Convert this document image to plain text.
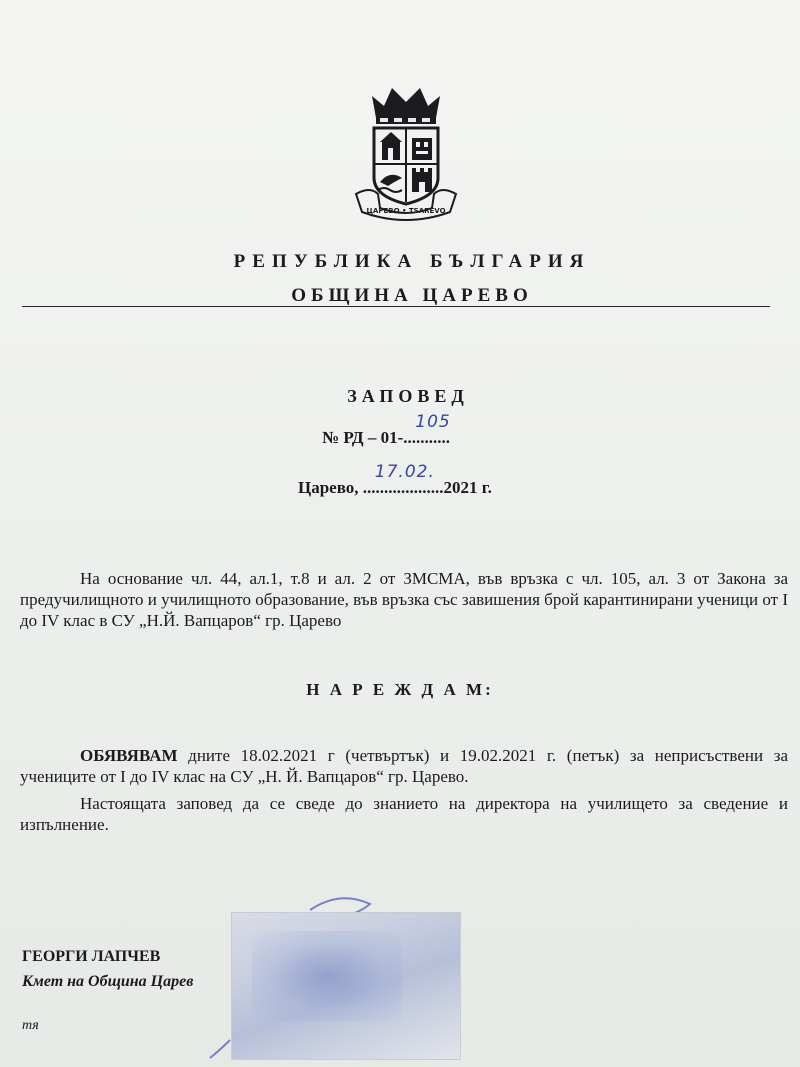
ЦАРЕВО • TSAREVO
РЕПУБЛИКА БЪЛГАРИЯ
ОБЩИНА ЦАРЕВО
ЗАПОВЕД
№ РД – 01-...........
105
Царево, ...................
17.02.
2021 г.
На основание чл. 44, ал.1, т.8 и ал. 2 от ЗМСМА, във връзка с чл. 105, ал. 3 от Закона за предучилищното и училищното образование, във връзка със завишения брой карантинирани ученици от I до IV клас в СУ „Н.Й. Вапцаров“ гр. Царево
Н А Р Е Ж Д А М:
ОБЯВЯВАМ дните 18.02.2021 г (четвъртък) и 19.02.2021 г. (петък) за неприсъствени за учениците от I до IV клас на СУ „Н. Й. Вапцаров“ гр. Царево.
Настоящата заповед да се сведе до знанието на директора на училището за сведение и изпълнение.
ГЕОРГИ ЛАПЧЕВ
Кмет на Община Царев
тя
